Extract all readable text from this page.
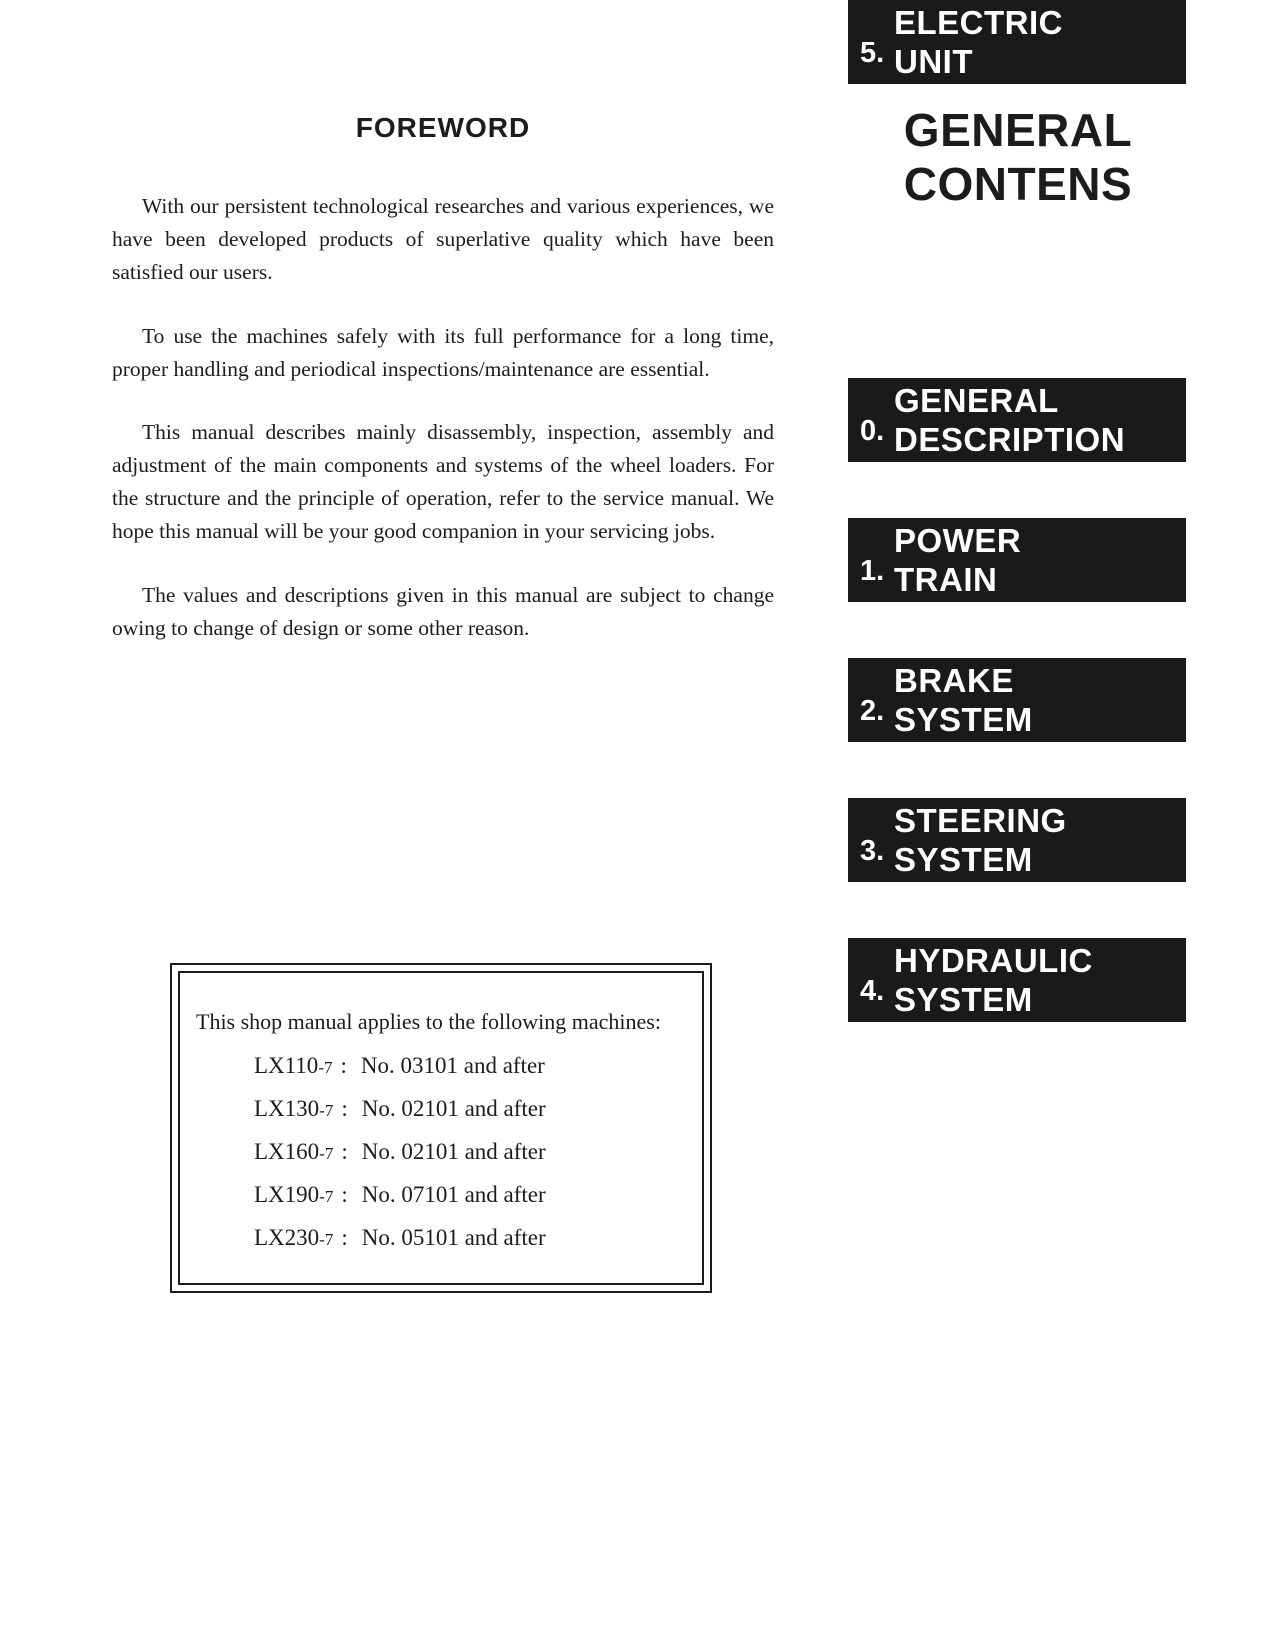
FOREWORD

With our persistent technological researches and various experiences, we have been developed products of superlative quality which have been satisfied our users.

To use the machines safely with its full performance for a long time, proper handling and periodical inspections/maintenance are essential.

This manual describes mainly disassembly, inspection, assembly and adjustment of the main components and systems of the wheel loaders. For the structure and the principle of operation, refer to the service manual. We hope this manual will be your good companion in your servicing jobs.

The values and descriptions given in this manual are subject to change owing to change of design or some other reason.

This shop manual applies to the following machines:
LX110-7 : No. 03101 and after
LX130-7 : No. 02101 and after
LX160-7 : No. 02101 and after
LX190-7 : No. 07101 and after
LX230-7 : No. 05101 and after
GENERAL
CONTENS
0.
GENERAL
DESCRIPTION
1.
POWER
TRAIN
2.
BRAKE
SYSTEM
3.
STEERING
SYSTEM
4.
HYDRAULIC
SYSTEM
5.
ELECTRIC
UNIT
